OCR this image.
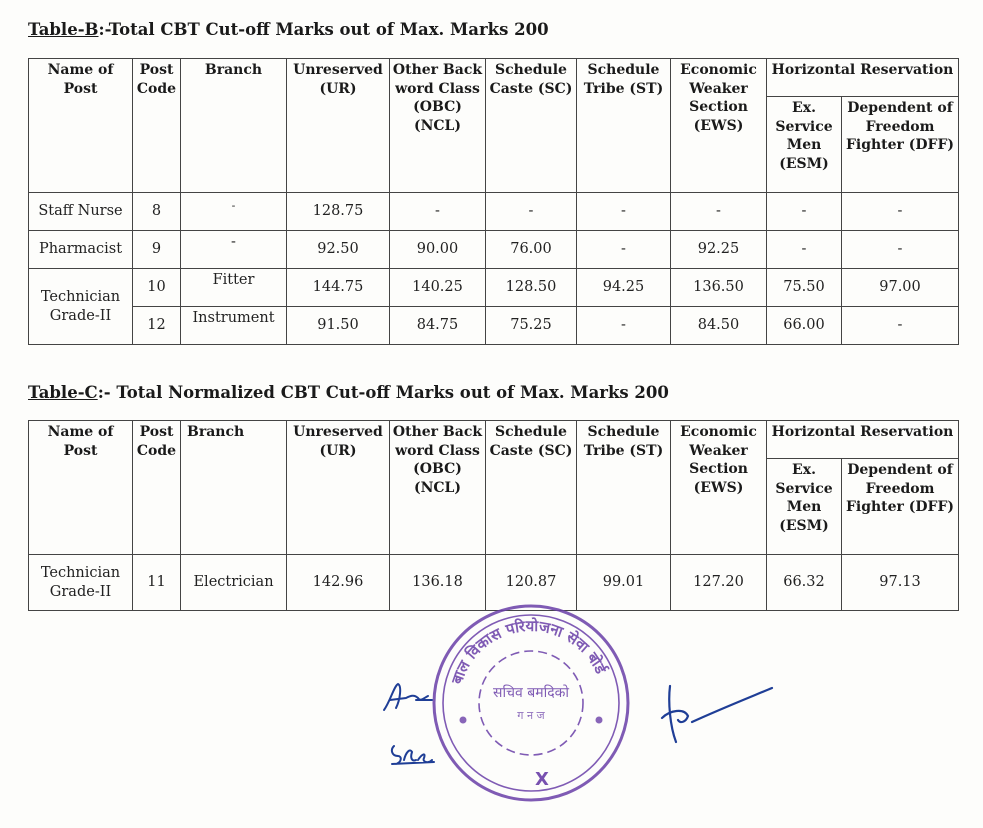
Table-B:-Total CBT Cut-off Marks out of Max. Marks 200
Name of Post	Post Code	Branch	Unreserved (UR)	Other Back word Class (OBC) (NCL)	Schedule Caste (SC)	Schedule Tribe (ST)	Economic Weaker Section (EWS)	Horizontal Reservation	
								Ex. Service Men (ESM)	Dependent of Freedom Fighter (DFF)
Staff Nurse	8	-	128.75	-	-	-	-	-	-
Pharmacist	9	-	92.50	90.00	76.00	-	92.25	-	-
Technician Grade-II	10	Fitter	144.75	140.25	128.50	94.25	136.50	75.50	97.00
	12	Instrument	91.50	84.75	75.25	-	84.50	66.00	-
Table-C:- Total Normalized CBT Cut-off Marks out of Max. Marks 200
Name of Post	Post Code	Branch	Unreserved (UR)	Other Back word Class (OBC) (NCL)	Schedule Caste (SC)	Schedule Tribe (ST)	Economic Weaker Section (EWS)	Horizontal Reservation	
								Ex. Service Men (ESM)	Dependent of Freedom Fighter (DFF)
Technician Grade-II	11	Electrician	142.96	136.18	120.87	99.01	127.20	66.32	97.13
बाल विकास परियोजना सेवा बोर्ड
सचिव बमदिको
ग न ज
X
